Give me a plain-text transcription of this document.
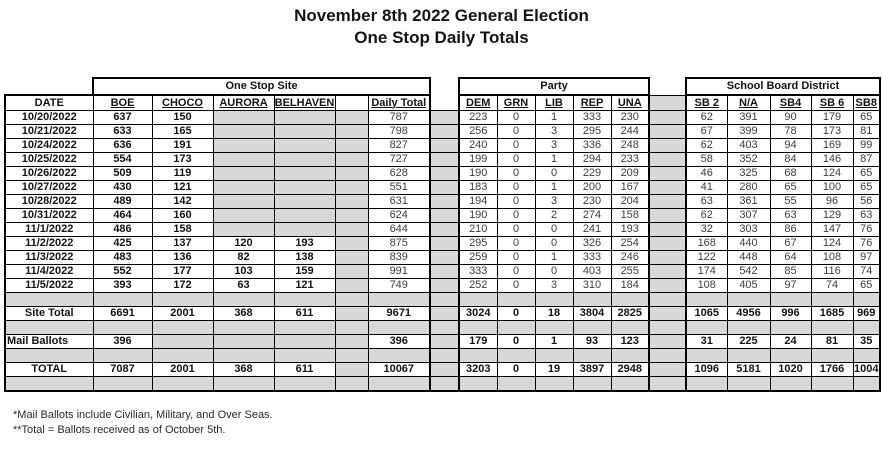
November 8th 2022 General Election
One Stop Daily Totals
	One Stop Site							Party						School Board District				
DATE	BOE	CHOCO	AURORA	BELHAVEN		Daily Total		DEM	GRN	LIB	REP	UNA		SB 2	N/A	SB4	SB 6	SB8
10/20/2022	637	150				787		223	0	1	333	230		62	391	90	179	65
10/21/2022	633	165				798		256	0	3	295	244		67	399	78	173	81
10/24/2022	636	191				827		240	0	3	336	248		62	403	94	169	99
10/25/2022	554	173				727		199	0	1	294	233		58	352	84	146	87
10/26/2022	509	119				628		190	0	0	229	209		46	325	68	124	65
10/27/2022	430	121				551		183	0	1	200	167		41	280	65	100	65
10/28/2022	489	142				631		194	0	3	230	204		63	361	55	96	56
10/31/2022	464	160				624		190	0	2	274	158		62	307	63	129	63
11/1/2022	486	158				644		210	0	0	241	193		32	303	86	147	76
11/2/2022	425	137	120	193		875		295	0	0	326	254		168	440	67	124	76
11/3/2022	483	136	82	138		839		259	0	1	333	246		122	448	64	108	97
11/4/2022	552	177	103	159		991		333	0	0	403	255		174	542	85	116	74
11/5/2022	393	172	63	121		749		252	0	3	310	184		108	405	97	74	65

Site Total	6691	2001	368	611		9671		3024	0	18	3804	2825		1065	4956	996	1685	969

Mail Ballots	396					396		179	0	1	93	123		31	225	24	81	35

TOTAL	7087	2001	368	611		10067		3203	0	19	3897	2948		1096	5181	1020	1766	1004

*Mail Ballots include Civilian, Military, and Over Seas.
**Total = Ballots received as of October 5th.
